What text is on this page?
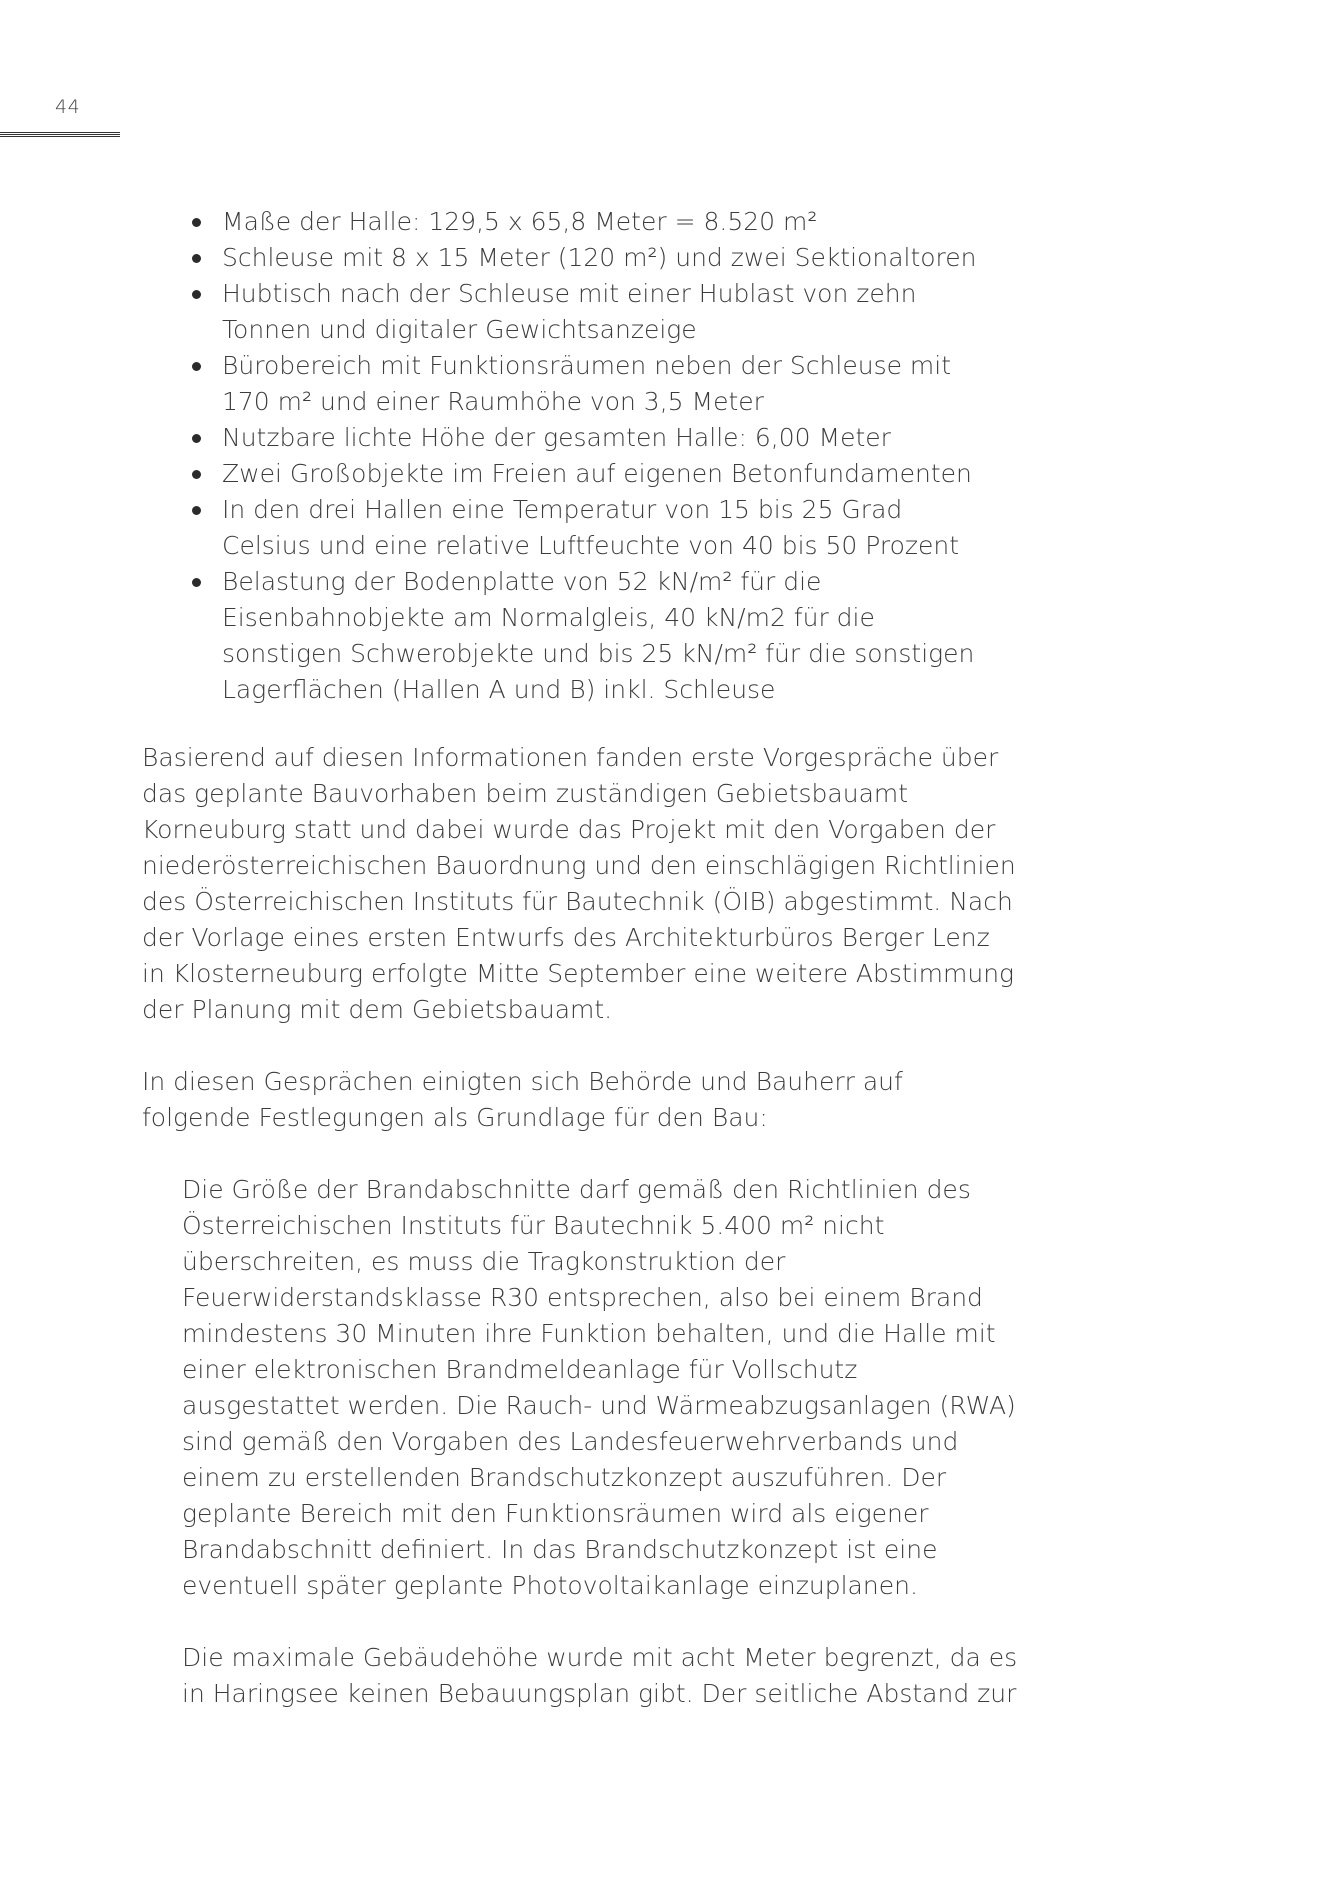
44
Maße der Halle: 129,5 x 65,8 Meter = 8.520 m²
Schleuse mit 8 x 15 Meter (120 m²) und zwei Sektionaltoren
Hubtisch nach der Schleuse mit einer Hublast von zehn Tonnen und digitaler Gewichtsanzeige
Bürobereich mit Funktionsräumen neben der Schleuse mit 170 m² und einer Raumhöhe von 3,5 Meter
Nutzbare lichte Höhe der gesamten Halle: 6,00 Meter
Zwei Großobjekte im Freien auf eigenen Betonfundamenten
In den drei Hallen eine Temperatur von 15 bis 25 Grad Celsius und eine relative Luftfeuchte von 40 bis 50 Prozent
Belastung der Bodenplatte von 52 kN/m² für die Eisenbahnobjekte am Normalgleis, 40 kN/m2 für die sonstigen Schwerobjekte und bis 25 kN/m² für die sonstigen Lagerflächen (Hallen A und B) inkl. Schleuse

Basierend auf diesen Informationen fanden erste Vorgespräche über das geplante Bauvorhaben beim zuständigen Gebietsbauamt Korneuburg statt und dabei wurde das Projekt mit den Vorgaben der niederösterreichischen Bauordnung und den einschlägigen Richtlinien des Österreichischen Instituts für Bautechnik (ÖIB) abgestimmt. Nach der Vorlage eines ersten Entwurfs des Architekturbüros Berger Lenz in Klosterneuburg erfolgte Mitte September eine weitere Abstimmung der Planung mit dem Gebietsbauamt.

In diesen Gesprächen einigten sich Behörde und Bauherr auf folgende Festlegungen als Grundlage für den Bau:

Die Größe der Brandabschnitte darf gemäß den Richtlinien des Österreichischen Instituts für Bautechnik 5.400 m² nicht überschreiten, es muss die Tragkonstruktion der Feuerwiderstandsklasse R30 entsprechen, also bei einem Brand mindestens 30 Minuten ihre Funktion behalten, und die Halle mit einer elektronischen Brandmeldeanlage für Vollschutz ausgestattet werden. Die Rauch- und Wärmeabzugsanlagen (RWA) sind gemäß den Vorgaben des Landesfeuerwehrverbands und einem zu erstellenden Brandschutzkonzept auszuführen. Der geplante Bereich mit den Funktionsräumen wird als eigener Brandabschnitt definiert. In das Brandschutzkonzept ist eine eventuell später geplante Photovoltaikanlage einzuplanen.

Die maximale Gebäudehöhe wurde mit acht Meter begrenzt, da es in Haringsee keinen Bebauungsplan gibt. Der seitliche Abstand zur
